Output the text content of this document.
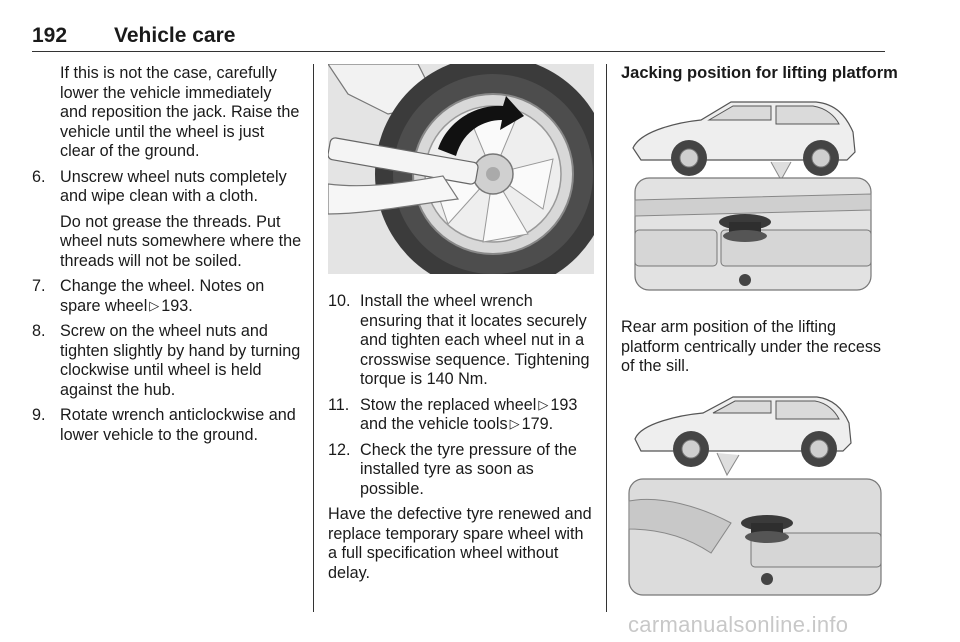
192 Vehicle care

If this is not the case, carefully lower the vehicle immediately and reposition the jack. Raise the vehicle until the wheel is just clear of the ground.

6. Unscrew wheel nuts completely and wipe clean with a cloth.

Do not grease the threads. Put wheel nuts somewhere where the threads will not be soiled.

7. Change the wheel. Notes on spare wheel ▷ 193.
8. Screw on the wheel nuts and tighten slightly by hand by turning clockwise until wheel is held against the hub.
9. Rotate wrench anticlockwise and lower vehicle to the ground.
10. Install the wheel wrench ensuring that it locates securely and tighten each wheel nut in a crosswise sequence. Tightening torque is 140 Nm.
11. Stow the replaced wheel ▷ 193 and the vehicle tools ▷ 179.
12. Check the tyre pressure of the installed tyre as soon as possible.

Have the defective tyre renewed and replace temporary spare wheel with a full specification wheel without delay.

Jacking position for lifting platform

Rear arm position of the lifting platform centrically under the recess of the sill.

carmanualsonline.info
